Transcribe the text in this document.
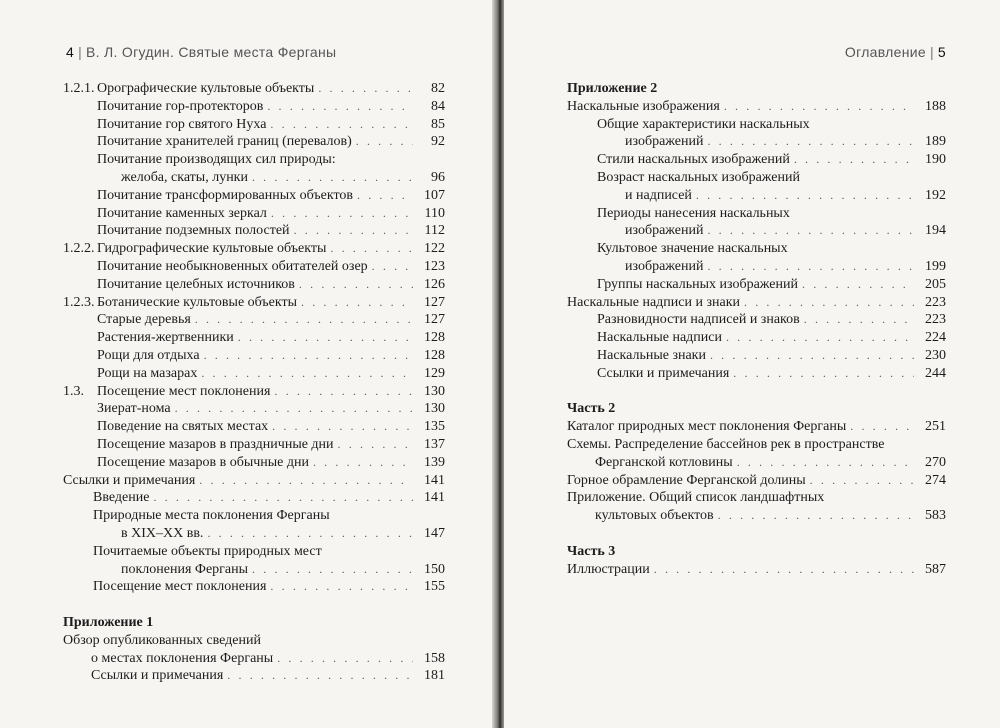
4 | В. Л. Огудин. Святые места Ферганы
1.2.1. Орографические культовые объекты . . .	82
Почитание гор-протекторов . . .	84
Почитание гор святого Нуха . . .	85
Почитание хранителей границ (перевалов) . . .	92
Почитание производящих сил природы:
желоба, скаты, лунки . . .	96
Почитание трансформированных объектов . . .	107
Почитание каменных зеркал . . .	110
Почитание подземных полостей . . .	112
1.2.2. Гидрографические культовые объекты . . .	122
Почитание необыкновенных обитателей озер . . .	123
Почитание целебных источников . . .	126
1.2.3. Ботанические культовые объекты . . .	127
Старые деревья . . .	127
Растения-жертвенники . . .	128
Рощи для отдыха . . .	128
Рощи на мазарах . . .	129
1.3. Посещение мест поклонения . . .	130
Зиерат-нома . . .	130
Поведение на святых местах . . .	135
Посещение мазаров в праздничные дни . . .	137
Посещение мазаров в обычные дни . . .	139
Ссылки и примечания . . .	141
Введение . . .	141
Природные места поклонения Ферганы
в XIX–XX вв. . . .	147
Почитаемые объекты природных мест
поклонения Ферганы . . .	150
Посещение мест поклонения . . .	155
Приложение 1
Обзор опубликованных сведений
о местах поклонения Ферганы . . .	158
Ссылки и примечания . . .	181
Оглавление | 5
Приложение 2
Наскальные изображения . . .	188
Общие характеристики наскальных
изображений . . .	189
Стили наскальных изображений . . .	190
Возраст наскальных изображений
и надписей . . .	192
Периоды нанесения наскальных
изображений . . .	194
Культовое значение наскальных
изображений . . .	199
Группы наскальных изображений . . .	205
Наскальные надписи и знаки . . .	223
Разновидности надписей и знаков . . .	223
Наскальные надписи . . .	224
Наскальные знаки . . .	230
Ссылки и примечания . . .	244
Часть 2
Каталог природных мест поклонения Ферганы . . .	251
Схемы. Распределение бассейнов рек в пространстве
Ферганской котловины . . .	270
Горное обрамление Ферганской долины . . .	274
Приложение. Общий список ландшафтных
культовых объектов . . .	583
Часть 3
Иллюстрации . . .	587
